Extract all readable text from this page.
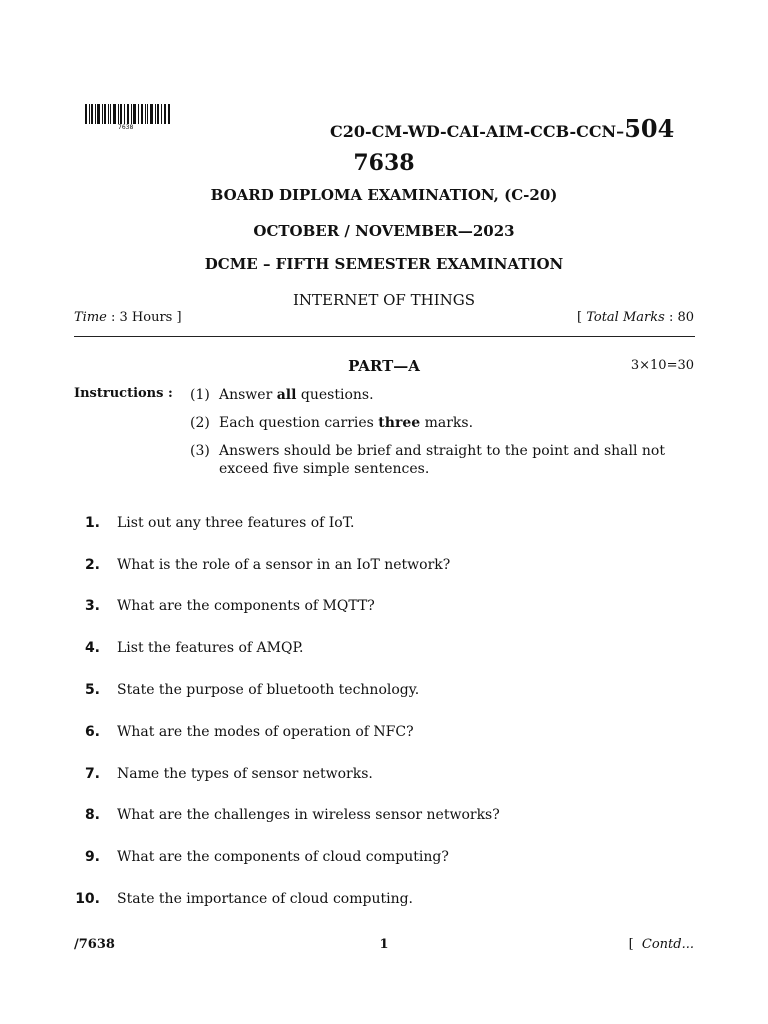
7638	C20-CM-WD-CAI-AIM-CCB-CCN–504
7638
BOARD DIPLOMA EXAMINATION, (C-20)
OCTOBER / NOVEMBER—2023
DCME – FIFTH SEMESTER EXAMINATION
INTERNET OF THINGS
Time : 3 Hours ]	[ Total Marks : 80
PART—A	3×10=30
Instructions : (1) Answer all questions.
(2) Each question carries three marks.
(3) Answers should be brief and straight to the point and shall not exceed five simple sentences.
1. List out any three features of IoT.
2. What is the role of a sensor in an IoT network?
3. What are the components of MQTT?
4. List the features of AMQP.
5. State the purpose of bluetooth technology.
6. What are the modes of operation of NFC?
7. Name the types of sensor networks.
8. What are the challenges in wireless sensor networks?
9. What are the components of cloud computing?
10. State the importance of cloud computing.
/7638	1	[ Contd...
